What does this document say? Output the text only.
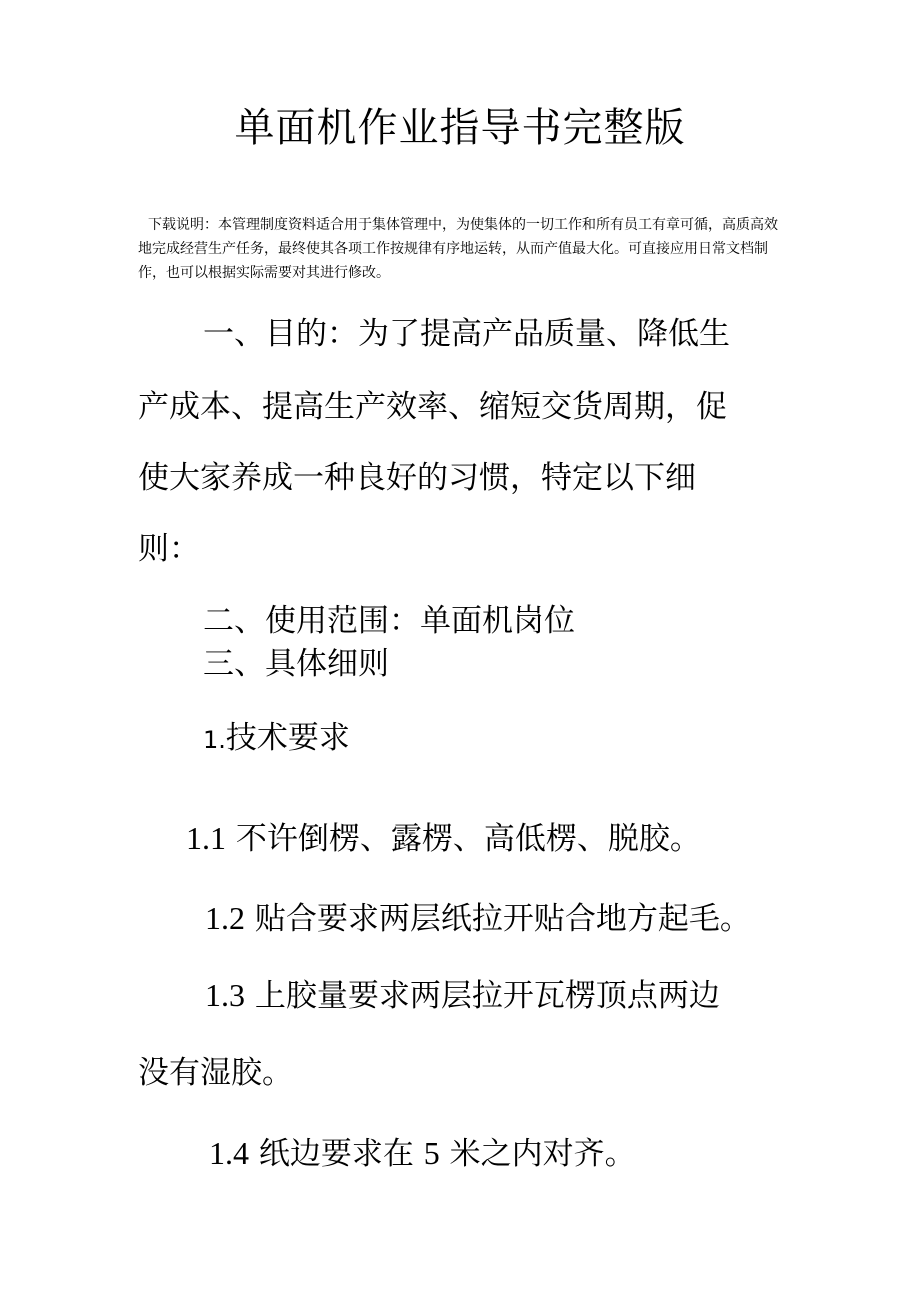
单面机作业指导书完整版

下载说明：本管理制度资料适合用于集体管理中，为使集体的一切工作和所有员工有章可循，高质高效地完成经营生产任务，最终使其各项工作按规律有序地运转，从而产值最大化。可直接应用日常文档制作，也可以根据实际需要对其进行修改。

一、目的：为了提高产品质量、降低生

产成本、提高生产效率、缩短交货周期，促

使大家养成一种良好的习惯，特定以下细

则：

二、使用范围：单面机岗位

三、具体细则

1.技术要求

1.1 不许倒楞、露楞、高低楞、脱胶。

1.2 贴合要求两层纸拉开贴合地方起毛。

1.3 上胶量要求两层拉开瓦楞顶点两边

没有湿胶。

1.4 纸边要求在 5 米之内对齐。
